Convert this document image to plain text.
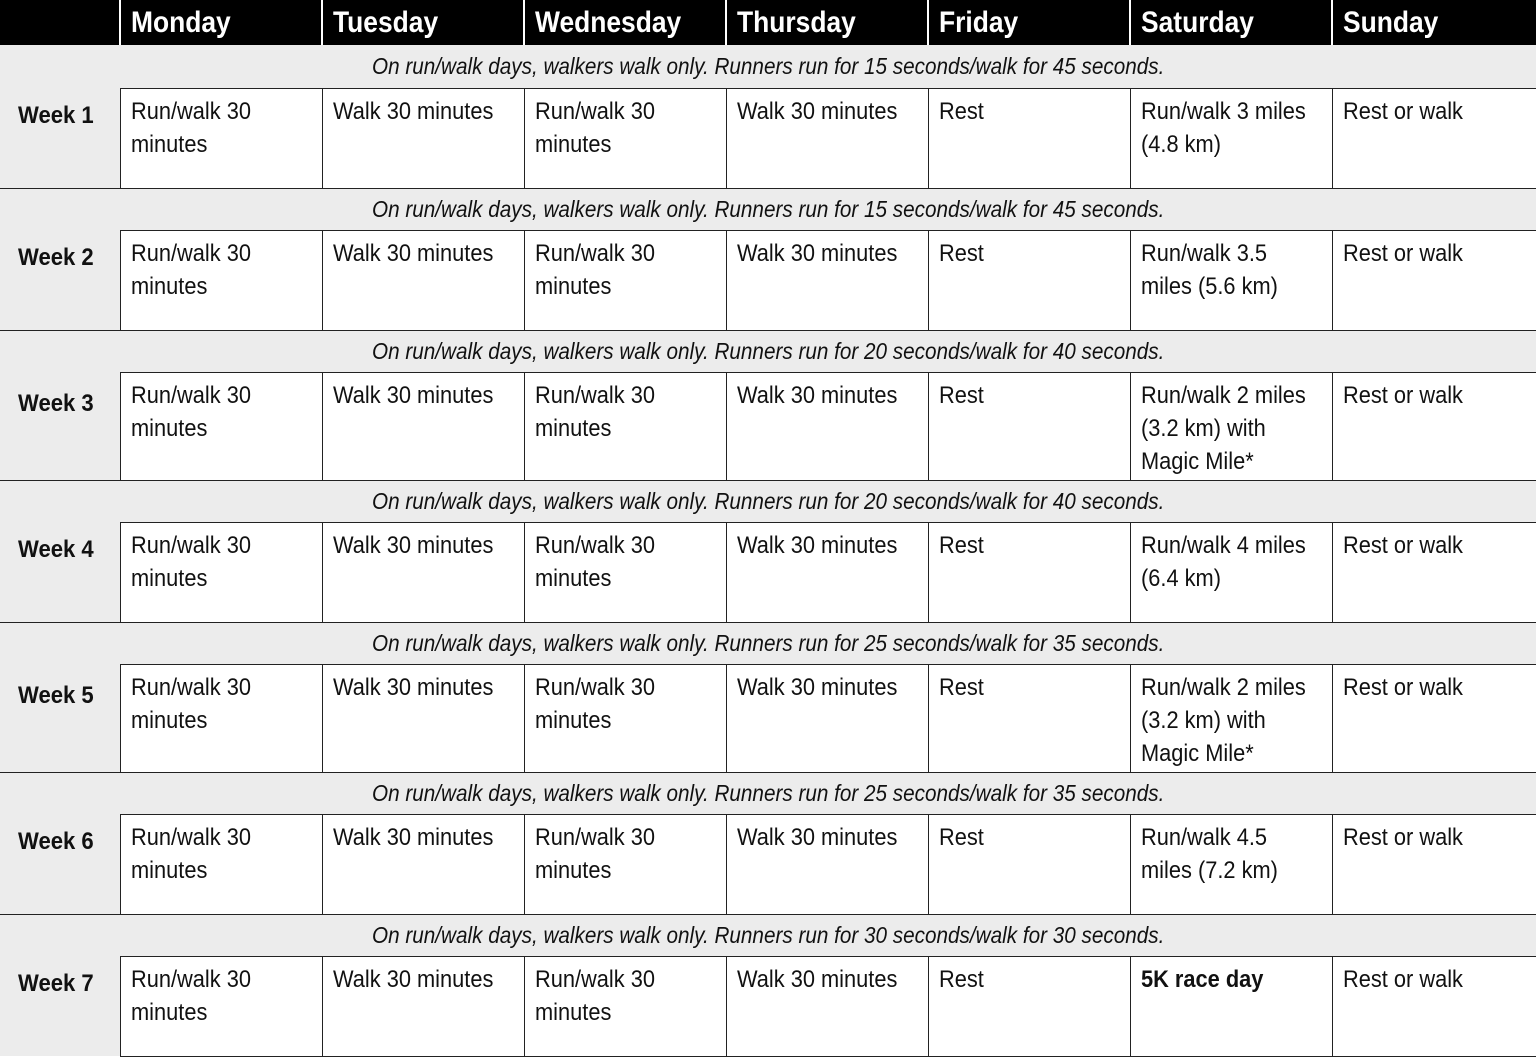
	Monday	Tuesday	Wednesday	Thursday	Friday	Saturday	Sunday
On run/walk days, walkers walk only. Runners run for 15 seconds/walk for 45 seconds.							
Week 1	Run/walk 30 minutes	Walk 30 minutes	Run/walk 30 minutes	Walk 30 minutes	Rest	Run/walk 3 miles (4.8 km)	Rest or walk

On run/walk days, walkers walk only. Runners run for 15 seconds/walk for 45 seconds.							
Week 2	Run/walk 30 minutes	Walk 30 minutes	Run/walk 30 minutes	Walk 30 minutes	Rest	Run/walk 3.5 miles (5.6 km)	Rest or walk

On run/walk days, walkers walk only. Runners run for 20 seconds/walk for 40 seconds.							
Week 3	Run/walk 30 minutes	Walk 30 minutes	Run/walk 30 minutes	Walk 30 minutes	Rest	Run/walk 2 miles (3.2 km) with Magic Mile*	Rest or walk

On run/walk days, walkers walk only. Runners run for 20 seconds/walk for 40 seconds.							
Week 4	Run/walk 30 minutes	Walk 30 minutes	Run/walk 30 minutes	Walk 30 minutes	Rest	Run/walk 4 miles (6.4 km)	Rest or walk

On run/walk days, walkers walk only. Runners run for 25 seconds/walk for 35 seconds.							
Week 5	Run/walk 30 minutes	Walk 30 minutes	Run/walk 30 minutes	Walk 30 minutes	Rest	Run/walk 2 miles (3.2 km) with Magic Mile*	Rest or walk

On run/walk days, walkers walk only. Runners run for 25 seconds/walk for 35 seconds.							
Week 6	Run/walk 30 minutes	Walk 30 minutes	Run/walk 30 minutes	Walk 30 minutes	Rest	Run/walk 4.5 miles (7.2 km)	Rest or walk

On run/walk days, walkers walk only. Runners run for 30 seconds/walk for 30 seconds.							
Week 7	Run/walk 30 minutes	Walk 30 minutes	Run/walk 30 minutes	Walk 30 minutes	Rest	5K race day	Rest or walk
